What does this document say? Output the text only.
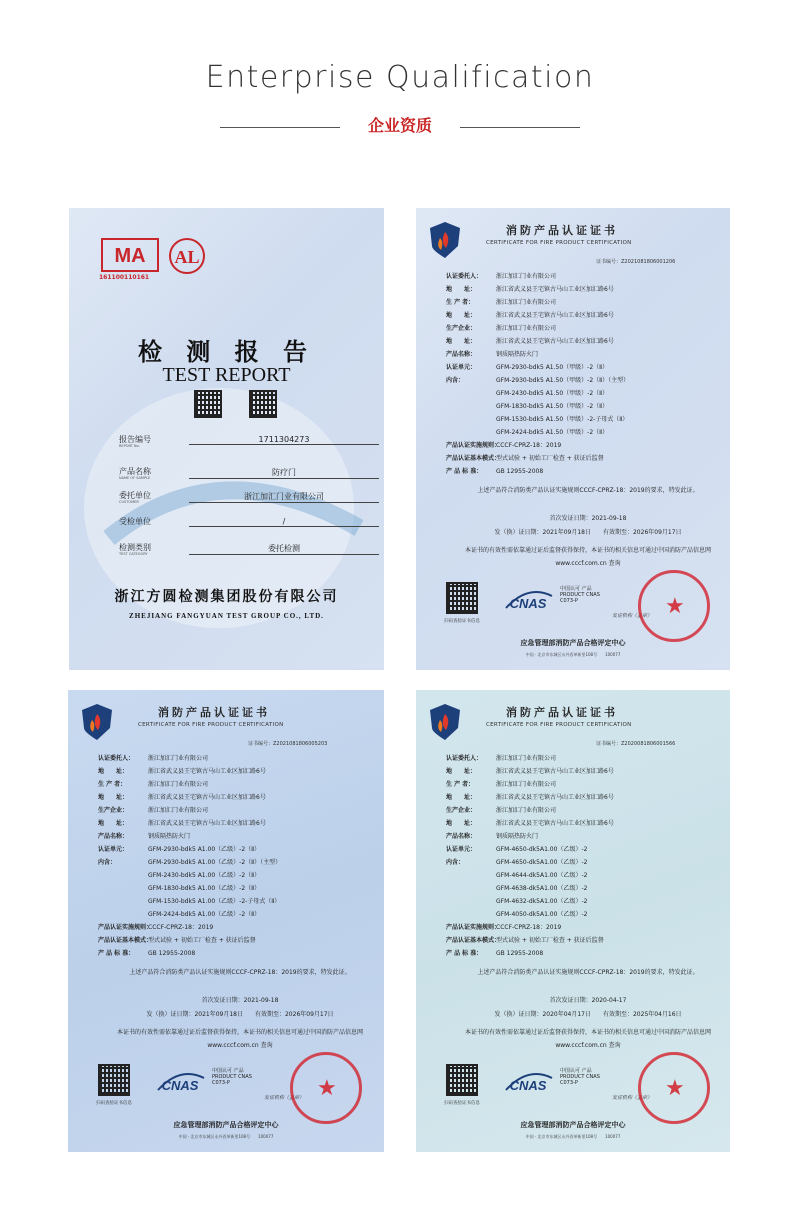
Enterprise Qualification
企业资质
MA
161100110161
AL
检 测 报 告
TEST REPORT
报告编号
REPORT No.
1711304273
产品名称
NAME OF SAMPLE
防疗门
委托单位
CUSTOMER
浙江加汇门业有限公司
受检单位	/
检测类别
TEST CATEGORY
委托检测
浙江方圆检测集团股份有限公司
ZHEJIANG FANGYUAN TEST GROUP CO., LTD.
消防产品认证证书
CERTIFICATE FOR FIRE PRODUCT CERTIFICATION
证书编号：Z2021081806001206
认证委托人： 浙江加汇门业有限公司
地　　址：	浙江省武义县王宅镇古马山工业区加汇路6号
生 产 者：	浙江加汇门业有限公司
地　　址：	浙江省武义县王宅镇古马山工业区加汇路6号
生产企业：	浙江加汇门业有限公司
地　　址：	浙江省武义县王宅镇古马山工业区加汇路6号
产品名称：	钢质隔热防火门
认证单元：	GFM-2930-bdk5 A1.50（甲级）-2（Ⅱ）
内含：	GFM-2930-bdk5 A1.50（甲级）-2（Ⅱ）（主型）
GFM-2430-bdk5 A1.50（甲级）-2（Ⅱ）
GFM-1830-bdk5 A1.50（甲级）-2（Ⅱ）
GFM-1530-bdk5 A1.50（甲级）-2-子母式（Ⅱ）
GFM-2424-bdk5 A1.50（甲级）-2（Ⅱ）
产品认证实施规则：CCCF-CPRZ-18：2019
产品认证基本模式：型式试验 + 初始工厂检查 + 获证后监督
产 品 标 准： GB 12955-2008
上述产品符合消防类产品认证实施规则CCCF-CPRZ-18：2019的要求，特发此证。
首次发证日期：2021-09-18
发（换）证日期：2021年09月18日　　有效期至：2026年09月17日
本证书的有效性需依靠通过证后监督获得保持，本证书的相关信息可通过中国消防产品信息网 www.cccf.com.cn 查询
扫码查验证书信息
CNAS
中国认可 产品 PRODUCT CNAS C073-P
发证机构（盖章） ★
应急管理部消防产品合格评定中心
中国 · 北京市东城区永外西革新里108号　　100077
消防产品认证证书
CERTIFICATE FOR FIRE PRODUCT CERTIFICATION
证书编号：Z2021081806005203
认证委托人： 浙江加汇门业有限公司
地　　址：	浙江省武义县王宅镇古马山工业区加汇路6号
生 产 者：	浙江加汇门业有限公司
地　　址：	浙江省武义县王宅镇古马山工业区加汇路6号
生产企业：	浙江加汇门业有限公司
地　　址：	浙江省武义县王宅镇古马山工业区加汇路6号
产品名称：	钢质隔热防火门
认证单元：	GFM-2930-bdk5 A1.00（乙级）-2（Ⅱ）
内含：	GFM-2930-bdk5 A1.00（乙级）-2（Ⅱ）（主型）
GFM-2430-bdk5 A1.00（乙级）-2（Ⅱ）
GFM-1830-bdk5 A1.00（乙级）-2（Ⅱ）
GFM-1530-bdk5 A1.00（乙级）-2-子母式（Ⅱ）
GFM-2424-bdk5 A1.00（乙级）-2（Ⅱ）
产品认证实施规则：CCCF-CPRZ-18：2019
产品认证基本模式：型式试验 + 初始工厂检查 + 获证后监督
产 品 标 准： GB 12955-2008
上述产品符合消防类产品认证实施规则CCCF-CPRZ-18：2019的要求，特发此证。
首次发证日期：2021-09-18
发（换）证日期：2021年09月18日　　有效期至：2026年09月17日
本证书的有效性需依靠通过证后监督获得保持，本证书的相关信息可通过中国消防产品信息网 www.cccf.com.cn 查询
扫码查验证书信息
CNAS
中国认可 产品 PRODUCT CNAS C073-P
发证机构（盖章） ★
应急管理部消防产品合格评定中心
中国 · 北京市东城区永外西革新里108号　　100077
消防产品认证证书
CERTIFICATE FOR FIRE PRODUCT CERTIFICATION
证书编号：Z2020081806001566
认证委托人： 浙江加汇门业有限公司
地　　址：	浙江省武义县王宅镇古马山工业区加汇路6号
生 产 者：	浙江加汇门业有限公司
地　　址：	浙江省武义县王宅镇古马山工业区加汇路6号
生产企业：	浙江加汇门业有限公司
地　　址：	浙江省武义县王宅镇古马山工业区加汇路6号
产品名称：	钢质隔热防火门
认证单元：	GFM-4650-dk5A1.00（乙级）-2
内含：	GFM-4650-dk5A1.00（乙级）-2
GFM-4644-dk5A1.00（乙级）-2
GFM-4638-dk5A1.00（乙级）-2
GFM-4632-dk5A1.00（乙级）-2
GFM-4050-dk5A1.00（乙级）-2
产品认证实施规则：CCCF-CPRZ-18：2019
产品认证基本模式：型式试验 + 初始工厂检查 + 获证后监督
产 品 标 准： GB 12955-2008
上述产品符合消防类产品认证实施规则CCCF-CPRZ-18：2019的要求，特发此证。
首次发证日期：2020-04-17
发（换）证日期：2020年04月17日　　有效期至：2025年04月16日
本证书的有效性需依靠通过证后监督获得保持，本证书的相关信息可通过中国消防产品信息网 www.cccf.com.cn 查询
扫码查验证书信息
CNAS
中国认可 产品 PRODUCT CNAS C073-P
发证机构（盖章） ★
应急管理部消防产品合格评定中心
中国 · 北京市东城区永外西革新里108号　　100077
